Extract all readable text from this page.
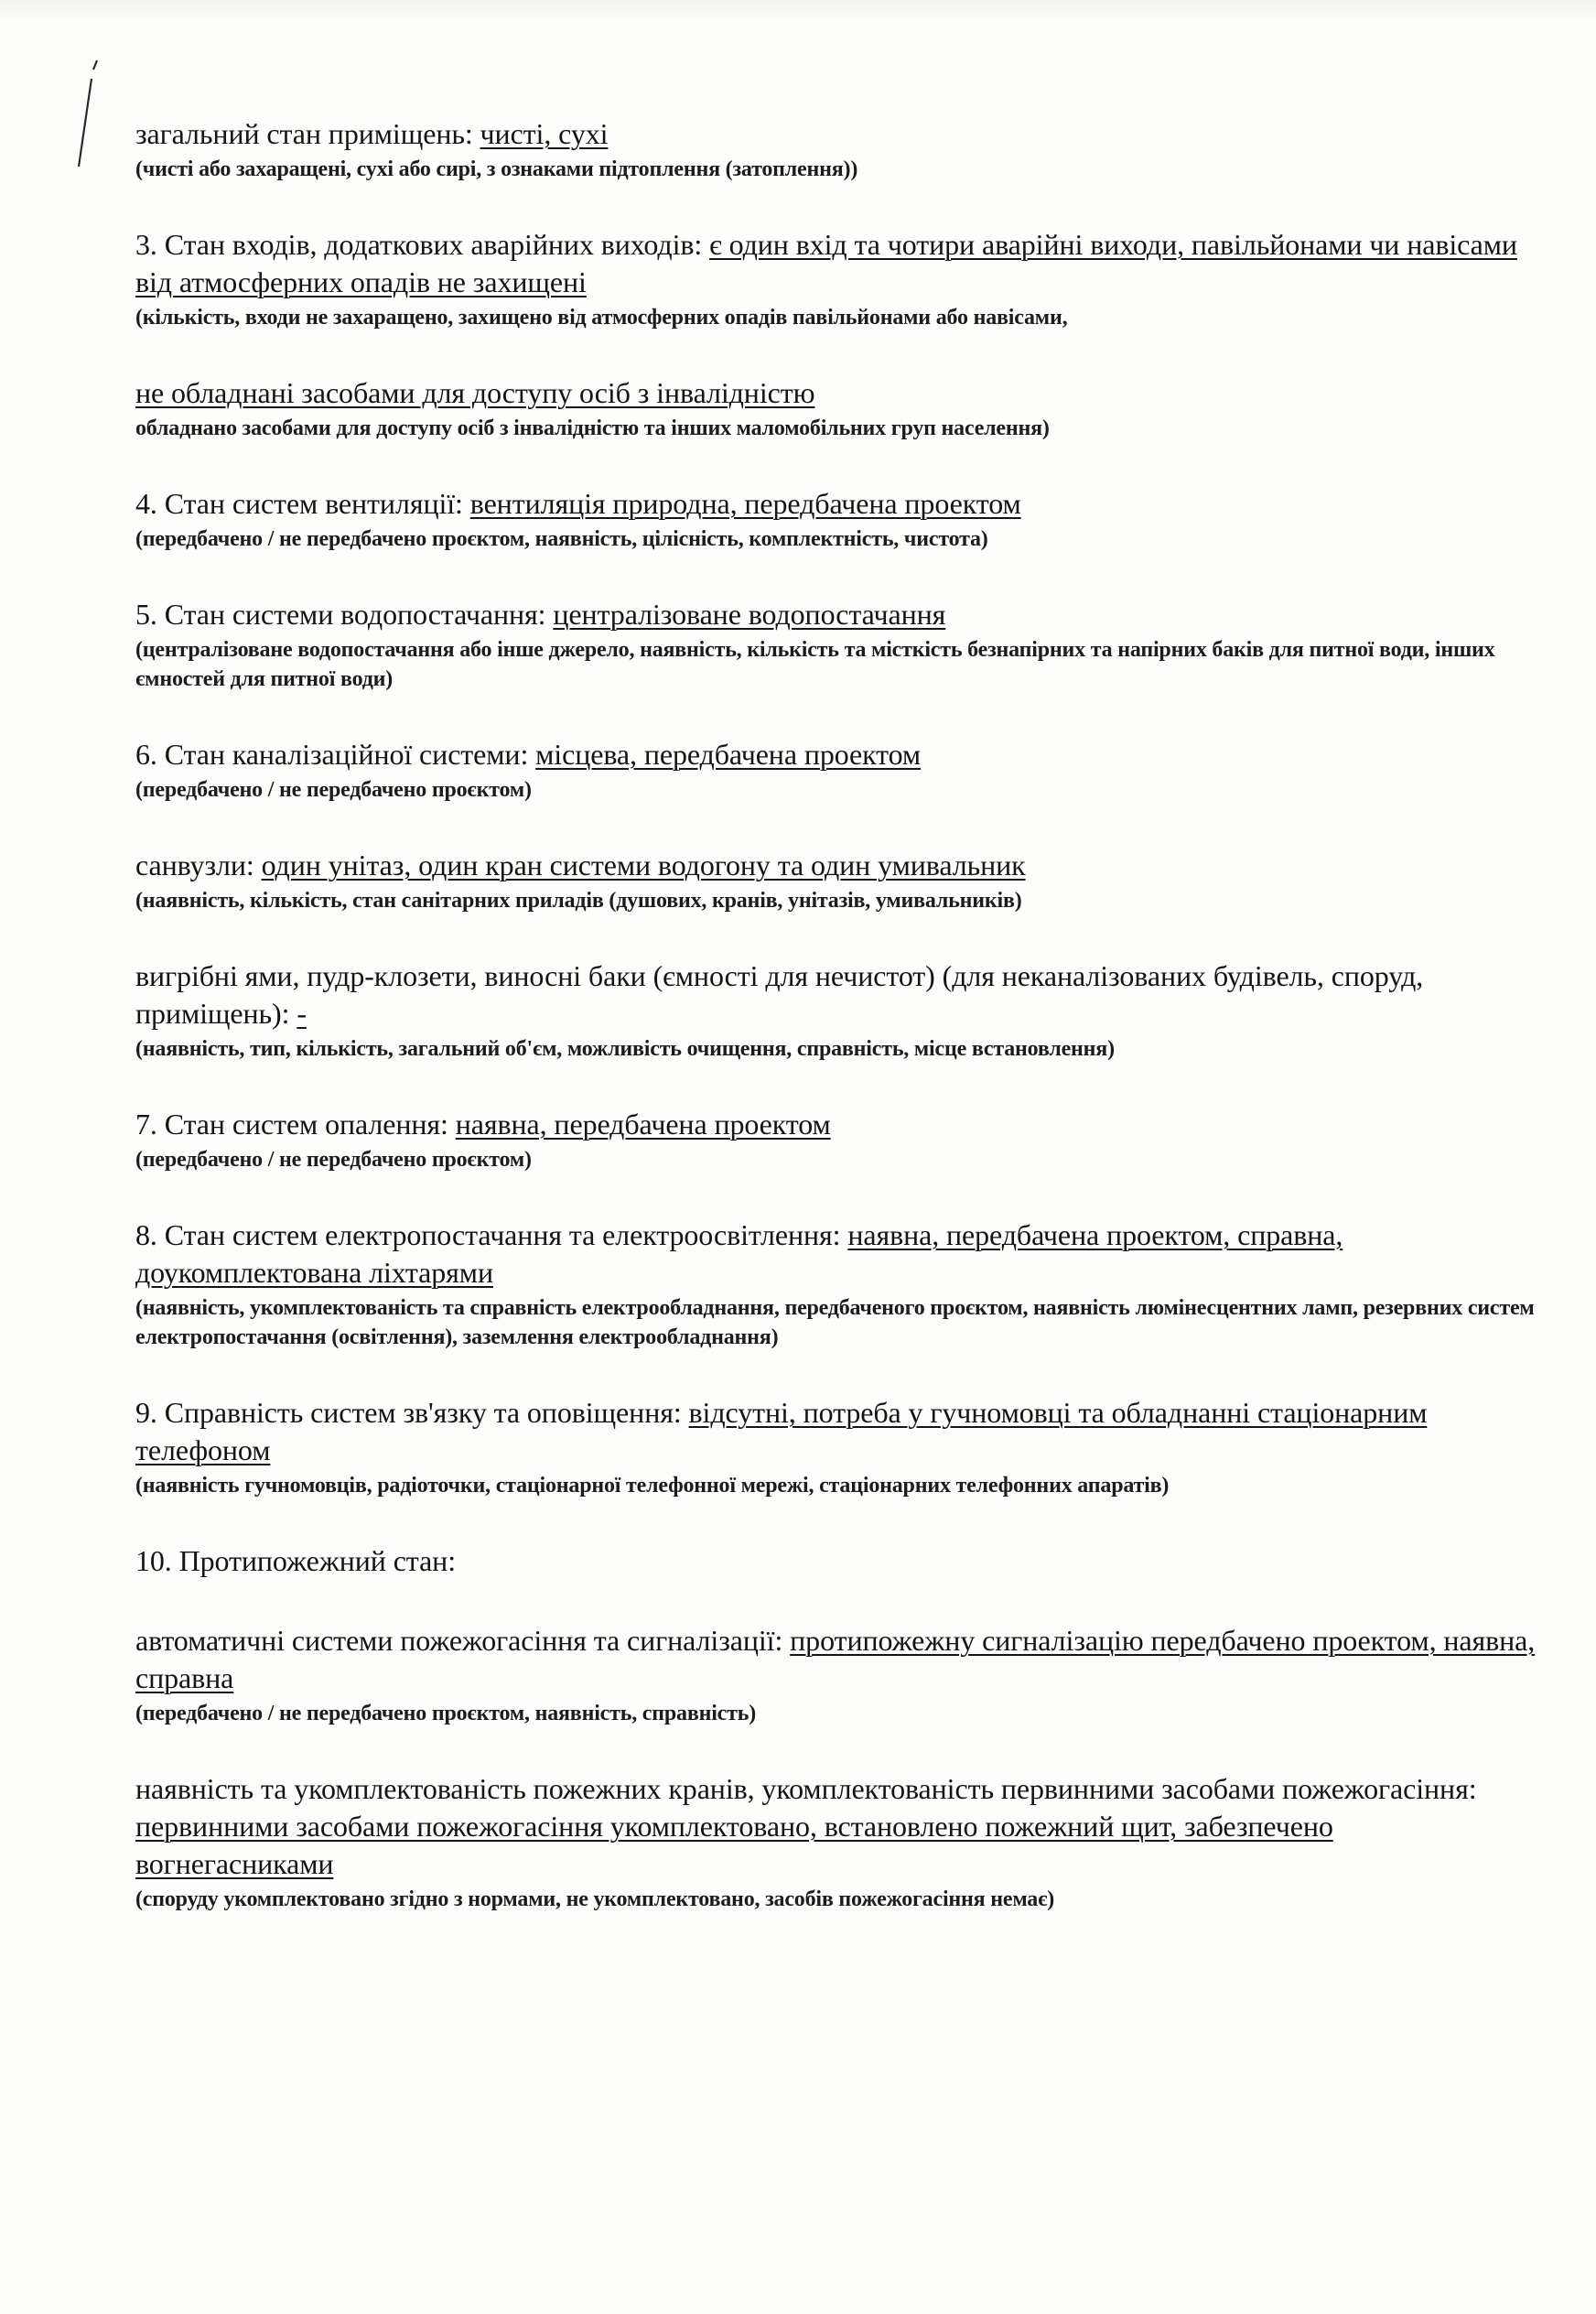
загальний стан приміщень: чисті, сухі

(чисті або захаращені, сухі або сирі, з ознаками підтоплення (затоплення))

3. Стан входів, додаткових аварійних виходів: є один вхід та чотири аварійні виходи, павільйонами чи навісами від атмосферних опадів не захищені

(кількість, входи не захаращено, захищено від атмосферних опадів павільйонами або навісами,

не обладнані засобами для доступу осіб з інвалідністю

обладнано засобами для доступу осіб з інвалідністю та інших маломобільних груп населення)

4. Стан систем вентиляції: вентиляція природна, передбачена проектом

(передбачено / не передбачено проєктом, наявність, цілісність, комплектність, чистота)

5. Стан системи водопостачання: централізоване водопостачання

(централізоване водопостачання або інше джерело, наявність, кількість та місткість безнапірних та напірних баків для питної води, інших ємностей для питної води)

6. Стан каналізаційної системи: місцева, передбачена проектом

(передбачено / не передбачено проєктом)

санвузли: один унітаз, один кран системи водогону та один умивальник

(наявність, кількість, стан санітарних приладів (душових, кранів, унітазів, умивальників)

вигрібні ями, пудр-клозети, виносні баки (ємності для нечистот) (для неканалізованих будівель, споруд, приміщень): -

(наявність, тип, кількість, загальний об'єм, можливість очищення, справність, місце встановлення)

7. Стан систем опалення: наявна, передбачена проектом

(передбачено / не передбачено проєктом)

8. Стан систем електропостачання та електроосвітлення: наявна, передбачена проектом, справна, доукомплектована ліхтарями

(наявність, укомплектованість та справність електрообладнання, передбаченого проєктом, наявність люмінесцентних ламп, резервних систем електропостачання (освітлення), заземлення електрообладнання)

9. Справність систем зв'язку та оповіщення: відсутні, потреба у гучномовці та обладнанні стаціонарним телефоном

(наявність гучномовців, радіоточки, стаціонарної телефонної мережі, стаціонарних телефонних апаратів)

10. Протипожежний стан:

автоматичні системи пожежогасіння та сигналізації: протипожежну сигналізацію передбачено проектом, наявна, справна

(передбачено / не передбачено проєктом, наявність, справність)

наявність та укомплектованість пожежних кранів, укомплектованість первинними засобами пожежогасіння: первинними засобами пожежогасіння укомплектовано, встановлено пожежний щит, забезпечено вогнегасниками

(споруду укомплектовано згідно з нормами, не укомплектовано, засобів пожежогасіння немає)
